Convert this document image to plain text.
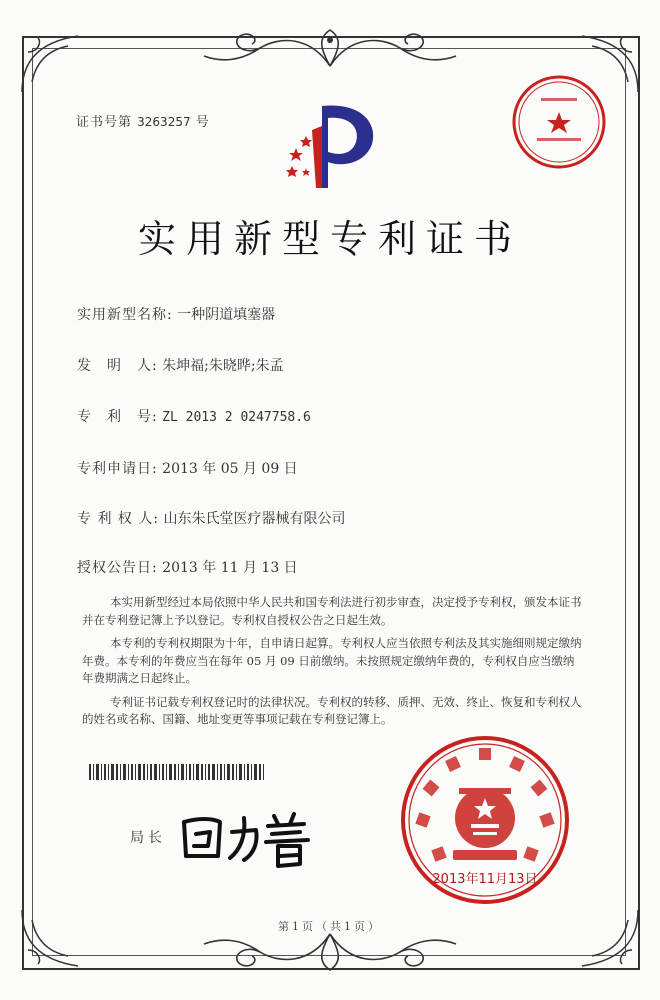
证书号第 3263257 号
实用新型专利证书
实用新型名称: 一种阴道填塞器
发　明　人: 朱坤福;朱晓晔;朱孟
专　利　号: ZL 2013 2 0247758.6
专利申请日: 2013 年 05 月 09 日
专 利 权 人: 山东朱氏堂医疗器械有限公司
授权公告日: 2013 年 11 月 13 日

本实用新型经过本局依照中华人民共和国专利法进行初步审查，决定授予专利权，颁发本证书并在专利登记簿上予以登记。专利权自授权公告之日起生效。

本专利的专利权期限为十年，自申请日起算。专利权人应当依照专利法及其实施细则规定缴纳年费。本专利的年费应当在每年 05 月 09 日前缴纳。未按照规定缴纳年费的，专利权自应当缴纳年费期满之日起终止。

专利证书记载专利权登记时的法律状况。专利权的转移、质押、无效、终止、恢复和专利权人的姓名或名称、国籍、地址变更等事项记载在专利登记簿上。

局长
2013年11月13日
第1页（共1页）
